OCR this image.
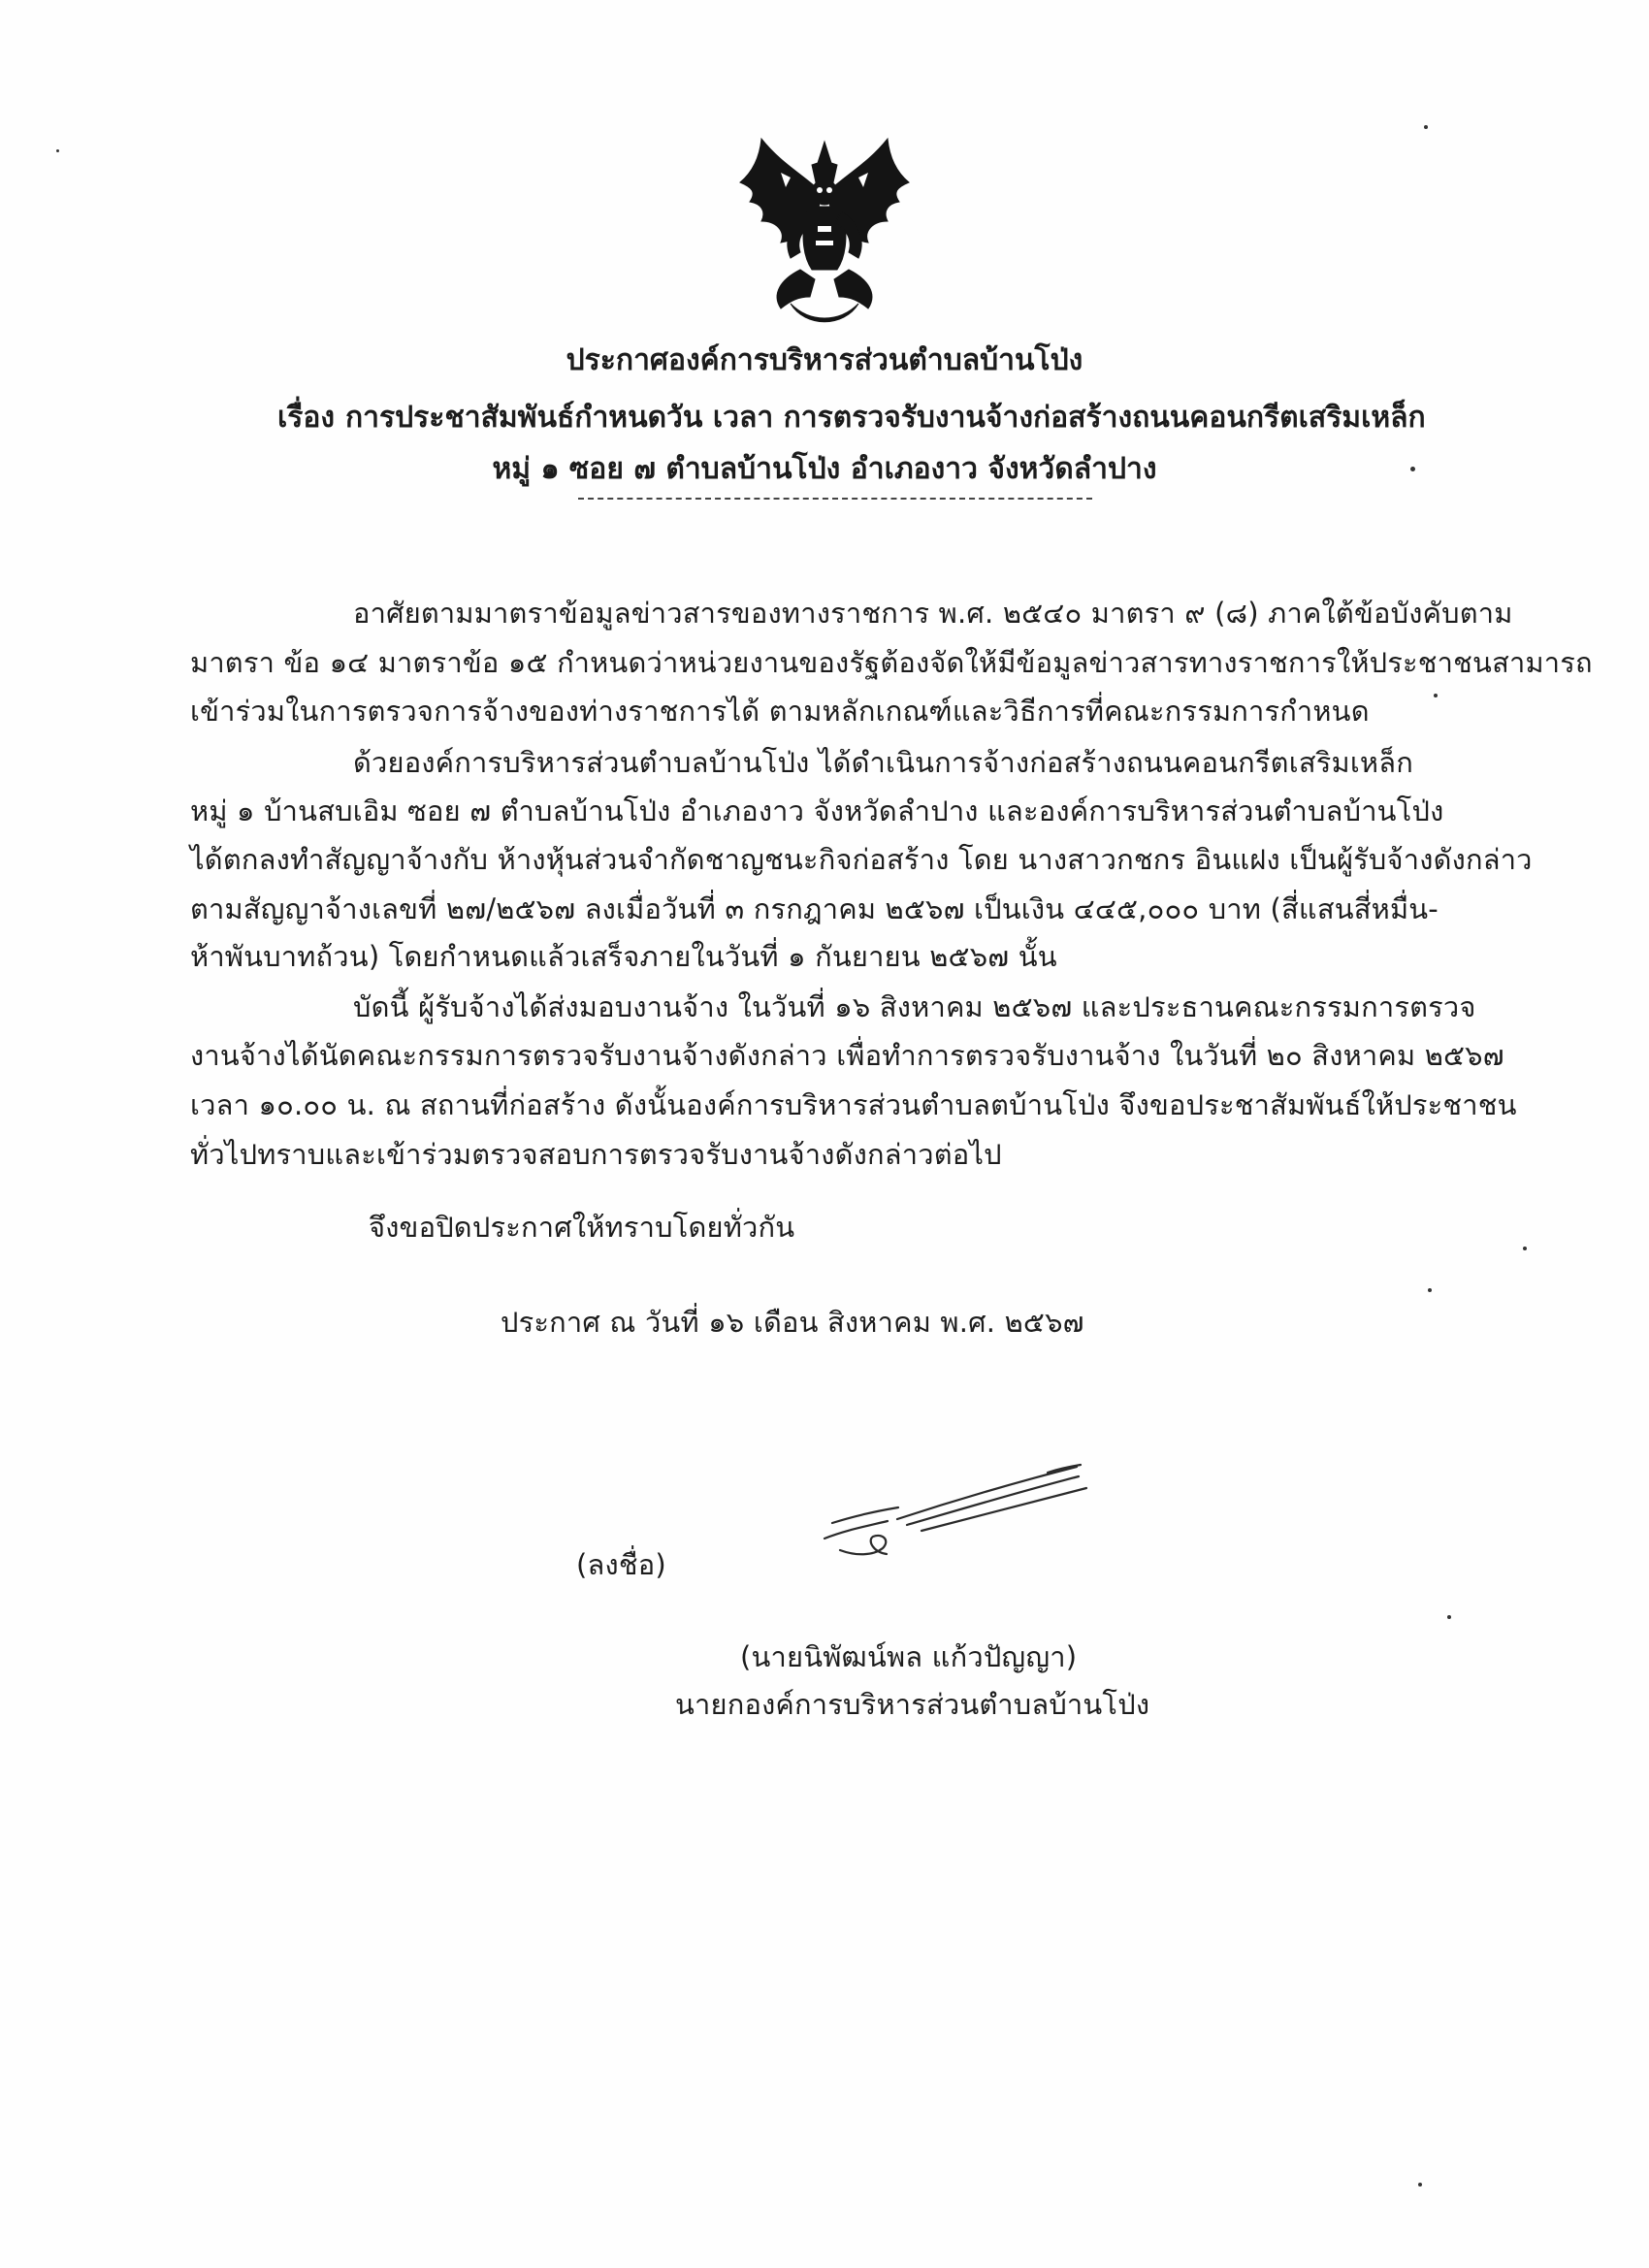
ประกาศองค์การบริหารส่วนตำบลบ้านโป่ง
เรื่อง การประชาสัมพันธ์กำหนดวัน เวลา การตรวจรับงานจ้างก่อสร้างถนนคอนกรีตเสริมเหล็ก
หมู่ ๑ ซอย ๗ ตำบลบ้านโป่ง อำเภองาว จังหวัดลำปาง
อาศัยตามมาตราข้อมูลข่าวสารของทางราชการ พ.ศ. ๒๕๔๐ มาตรา ๙ (๘) ภาคใต้ข้อบังคับตาม
มาตรา ข้อ ๑๔ มาตราข้อ ๑๕ กำหนดว่าหน่วยงานของรัฐต้องจัดให้มีข้อมูลข่าวสารทางราชการให้ประชาชนสามารถ
เข้าร่วมในการตรวจการจ้างของท่างราชการได้ ตามหลักเกณฑ์และวิธีการที่คณะกรรมการกำหนด
ด้วยองค์การบริหารส่วนตำบลบ้านโป่ง ได้ดำเนินการจ้างก่อสร้างถนนคอนกรีตเสริมเหล็ก
หมู่ ๑ บ้านสบเอิม ซอย ๗ ตำบลบ้านโป่ง อำเภองาว จังหวัดลำปาง และองค์การบริหารส่วนตำบลบ้านโป่ง
ได้ตกลงทำสัญญาจ้างกับ ห้างหุ้นส่วนจำกัดชาญชนะกิจก่อสร้าง โดย นางสาวกชกร อินแฝง เป็นผู้รับจ้างดังกล่าว
ตามสัญญาจ้างเลขที่ ๒๗/๒๕๖๗ ลงเมื่อวันที่ ๓ กรกฎาคม ๒๕๖๗ เป็นเงิน ๔๔๕,๐๐๐ บาท (สี่แสนสี่หมื่น-
ห้าพันบาทถ้วน) โดยกำหนดแล้วเสร็จภายในวันที่ ๑ กันยายน ๒๕๖๗ นั้น
บัดนี้ ผู้รับจ้างได้ส่งมอบงานจ้าง ในวันที่ ๑๖ สิงหาคม ๒๕๖๗ และประธานคณะกรรมการตรวจ
งานจ้างได้นัดคณะกรรมการตรวจรับงานจ้างดังกล่าว เพื่อทำการตรวจรับงานจ้าง ในวันที่ ๒๐ สิงหาคม ๒๕๖๗
เวลา ๑๐.๐๐ น. ณ สถานที่ก่อสร้าง ดังนั้นองค์การบริหารส่วนตำบลตบ้านโป่ง จึงขอประชาสัมพันธ์ให้ประชาชน
ทั่วไปทราบและเข้าร่วมตรวจสอบการตรวจรับงานจ้างดังกล่าวต่อไป
จึงขอปิดประกาศให้ทราบโดยทั่วกัน
ประกาศ ณ วันที่ ๑๖ เดือน สิงหาคม พ.ศ. ๒๕๖๗
(ลงชื่อ)
(นายนิพัฒน์พล แก้วปัญญา)
นายกองค์การบริหารส่วนตำบลบ้านโป่ง
